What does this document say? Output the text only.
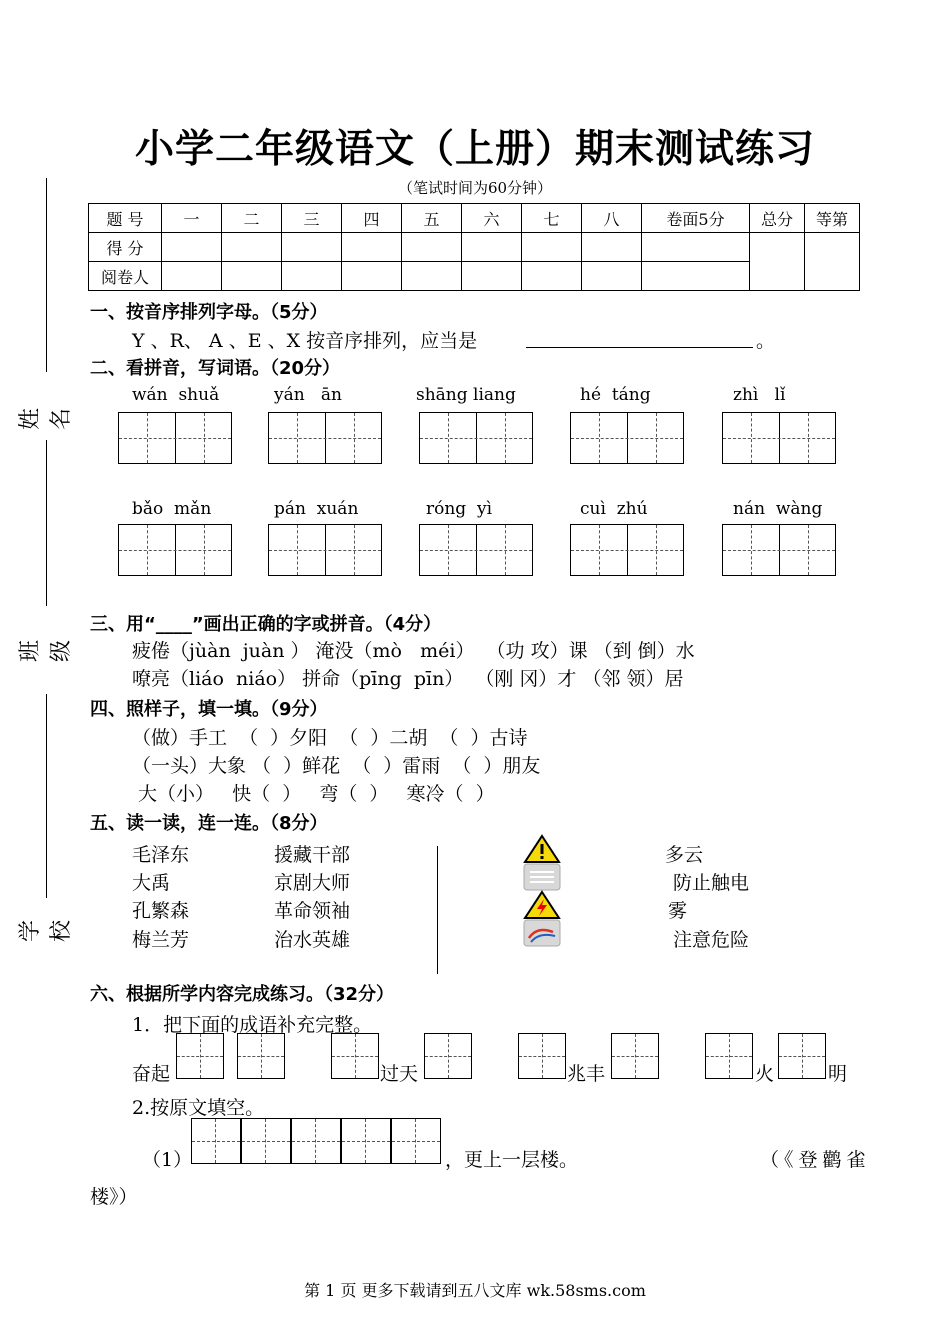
小学二年级语文（上册）期末测试练习
（笔试时间为60分钟）
姓名
班级
学校
题 号	一	二	三	四	五	六	七	八	卷面5分	总分	等第
得 分											
阅卷人											
一、按音序排列字母。（5分）
Y 、R、 A 、E 、X 按音序排列，应当是	。
二、看拼音，写词语。（20分）
wán  shuǎ	yán   ān	shāng liang	hé  táng	zhì   lǐ
bǎo  mǎn	pán  xuán	róng  yì	cuì  zhú	nán  wàng
三、用“____”画出正确的字或拼音。（4分）
疲倦（jùàn  juàn ） 淹没（mò   méi）  （功 攻）课 （到 倒）水
嘹亮（liáo  niáo） 拼命（pīng  pīn）  （刚 冈）才 （邻 领）居
四、照样子，填一填。（9分）
（做）手工  （  ）夕阳  （  ）二胡  （  ）古诗
（一头）大象 （  ）鲜花  （  ）雷雨  （  ）朋友
大（小）   快（  ）   弯（  ）   寒冷（  ）
五、读一读，连一连。（8分）
毛泽东
大禹
孔繁森
梅兰芳
援藏干部
京剧大师
革命领袖
治水英雄
多云
防止触电
雾
注意危险
六、根据所学内容完成练习。（32分）
1．把下面的成语补充完整。
奋起	过天	兆丰	火	明
2.按原文填空。
（1）	，更上一层楼。	（《登鹳雀
楼》）
第 1 页 更多下载请到五八文库 wk.58sms.com
